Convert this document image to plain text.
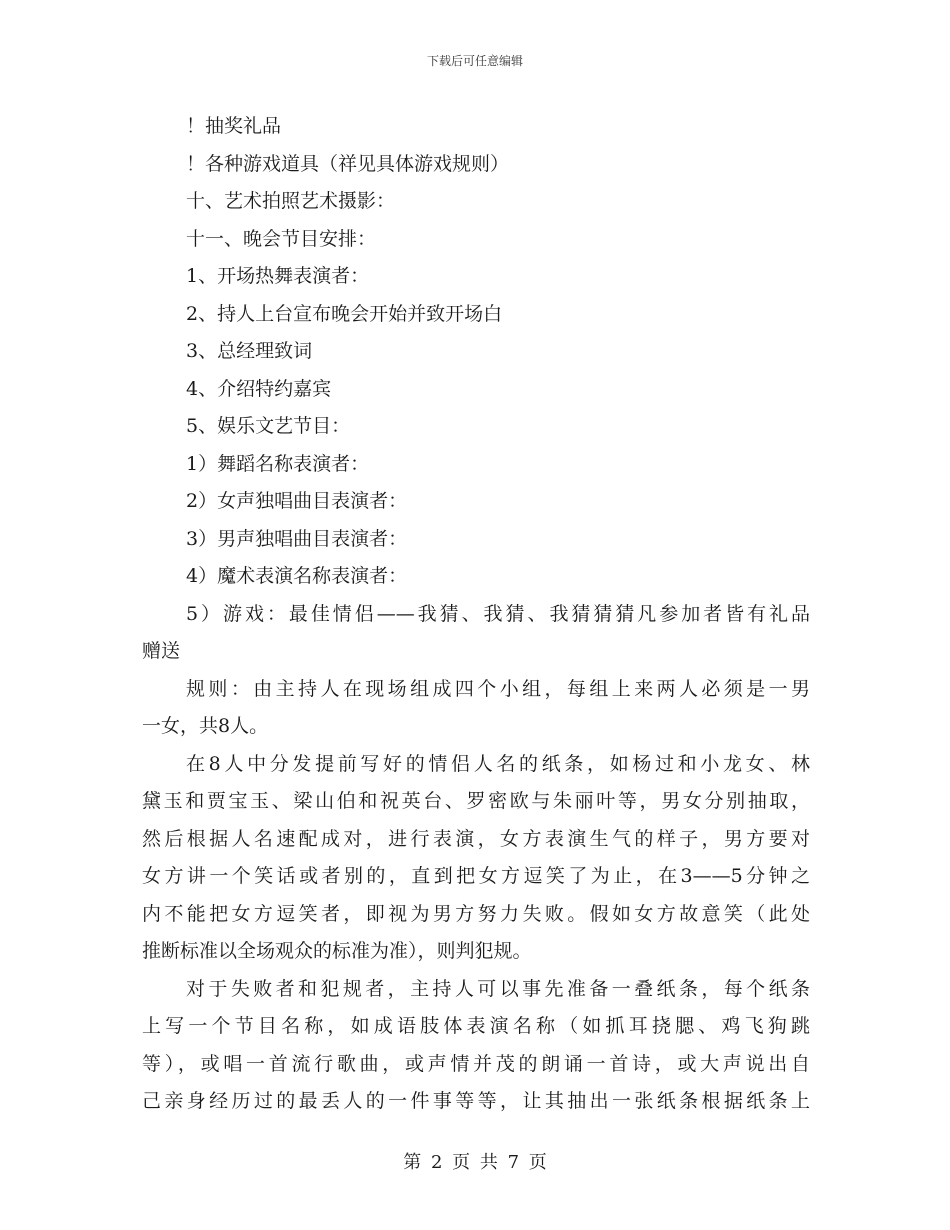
下载后可任意编辑
！抽奖礼品
！各种游戏道具（祥见具体游戏规则）
十、艺术拍照艺术摄影：
十一、晚会节目安排：
1、开场热舞表演者：
2、持人上台宣布晚会开始并致开场白
3、总经理致词
4、介绍特约嘉宾
5、娱乐文艺节目：
1）舞蹈名称表演者：
2）女声独唱曲目表演者：
3）男声独唱曲目表演者：
4）魔术表演名称表演者：
5）游戏：最佳情侣——我猜、我猜、我猜猜猜凡参加者皆有礼品
赠送
规则：由主持人在现场组成四个小组，每组上来两人必须是一男
一女，共8人。
在8人中分发提前写好的情侣人名的纸条，如杨过和小龙女、林
黛玉和贾宝玉、梁山伯和祝英台、罗密欧与朱丽叶等，男女分别抽取，
然后根据人名速配成对，进行表演，女方表演生气的样子，男方要对
女方讲一个笑话或者别的，直到把女方逗笑了为止，在3——5分钟之
内不能把女方逗笑者，即视为男方努力失败。假如女方故意笑（此处
推断标准以全场观众的标准为准），则判犯规。
对于失败者和犯规者，主持人可以事先准备一叠纸条，每个纸条
上写一个节目名称，如成语肢体表演名称（如抓耳挠腮、鸡飞狗跳
等），或唱一首流行歌曲，或声情并茂的朗诵一首诗，或大声说出自
己亲身经历过的最丢人的一件事等等，让其抽出一张纸条根据纸条上
第 2 页 共 7 页
